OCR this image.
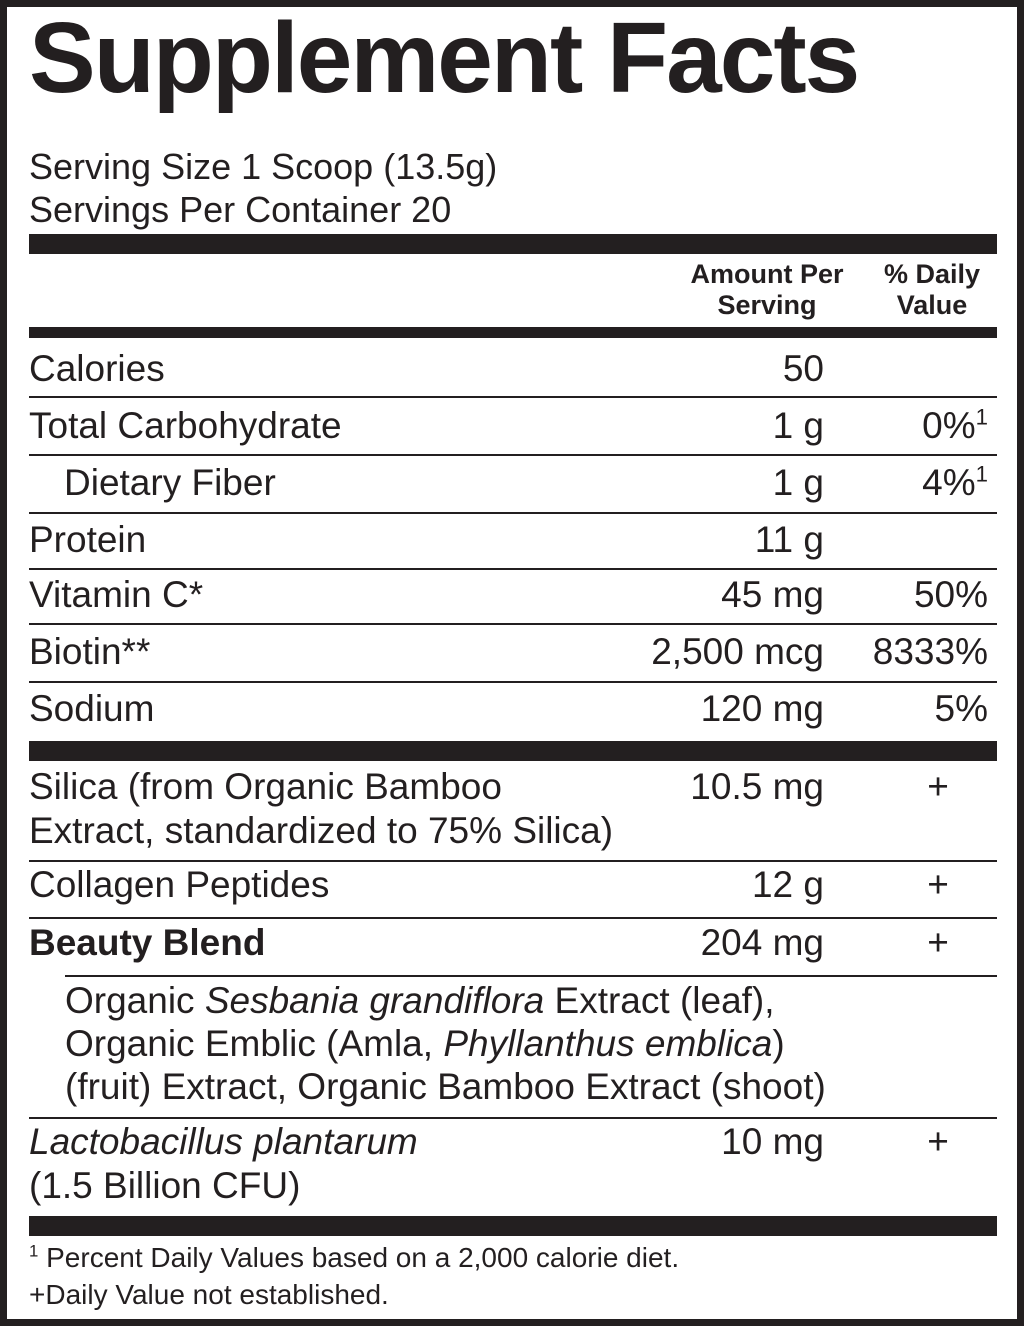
Supplement Facts
Serving Size 1 Scoop (13.5g)
Servings Per Container 20
Amount Per
Serving
% Daily
Value
Calories	50
Total Carbohydrate	1 g	0%$^1$
Dietary Fiber	1 g	4%$^1$
Protein	11 g
Vitamin C*	45 mg 50%
Biotin**	2,500 mcg 8333%
Sodium	120 mg	5%
Silica (from Organic Bamboo
Extract, standardized to 75% Silica)
10.5 mg	+
Collagen Peptides	12 g	+
Beauty Blend	204 mg	+
Organic Sesbania grandiflora Extract (leaf),
Organic Emblic (Amla, Phyllanthus emblica)
(fruit) Extract, Organic Bamboo Extract (shoot)
Lactobacillus plantarum
(1.5 Billion CFU)
10 mg	+
$^1$ Percent Daily Values based on a 2,000 calorie diet.
+Daily Value not established.
